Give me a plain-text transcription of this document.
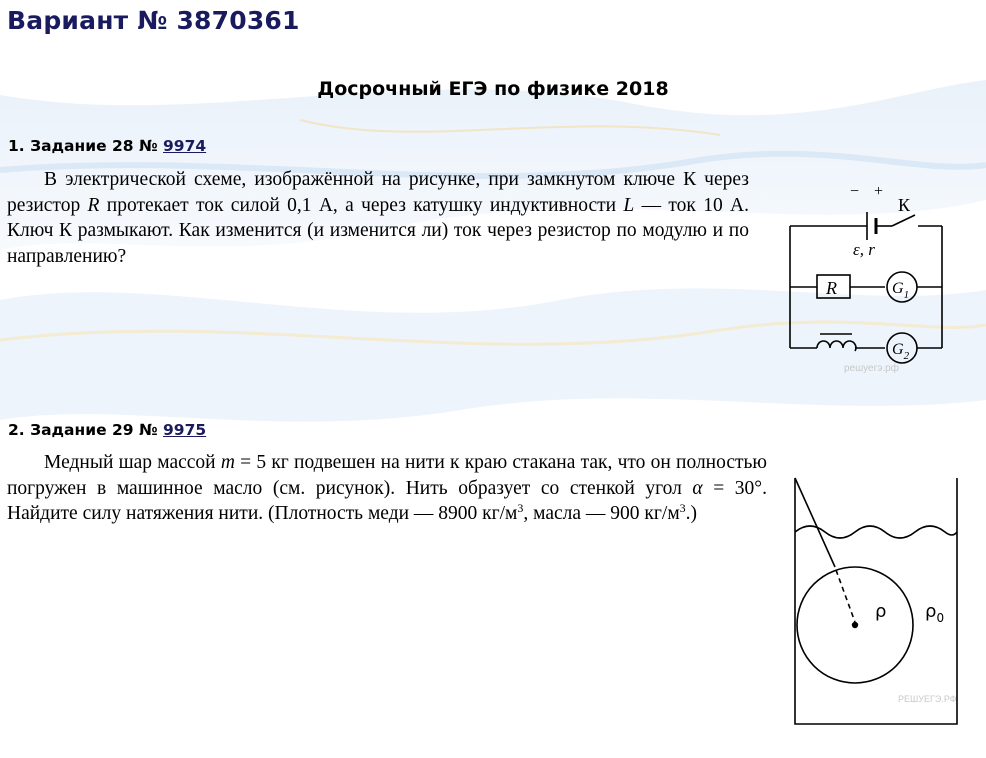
Вариант № 3870361
Досрочный ЕГЭ по физике 2018
1. Задание 28 № 9974
В электрической схеме, изображённой на рисунке, при замкнутом ключе К через резистор R протекает ток силой 0,1 А, а через катушку индуктивности L — ток 10 А. Ключ К размыкают. Как изменится (и изменится ли) ток через резистор по модулю и по направлению?
− +
К
ε, r
R	$G_1$
$G_2$
решуегэ.рф
2. Задание 29 № 9975
Медный шар массой m = 5 кг подвешен на нити к краю стакана так, что он полностью погружен в машинное масло (см. рисунок). Нить образует со стенкой угол α = 30°. Найдите силу натяжения нити. (Плотность меди — 8900 $кг/м^3$, масла — 900 $кг/м^3$.)
ρ $\rho_0$
РЕШУЕГЭ.РФ
